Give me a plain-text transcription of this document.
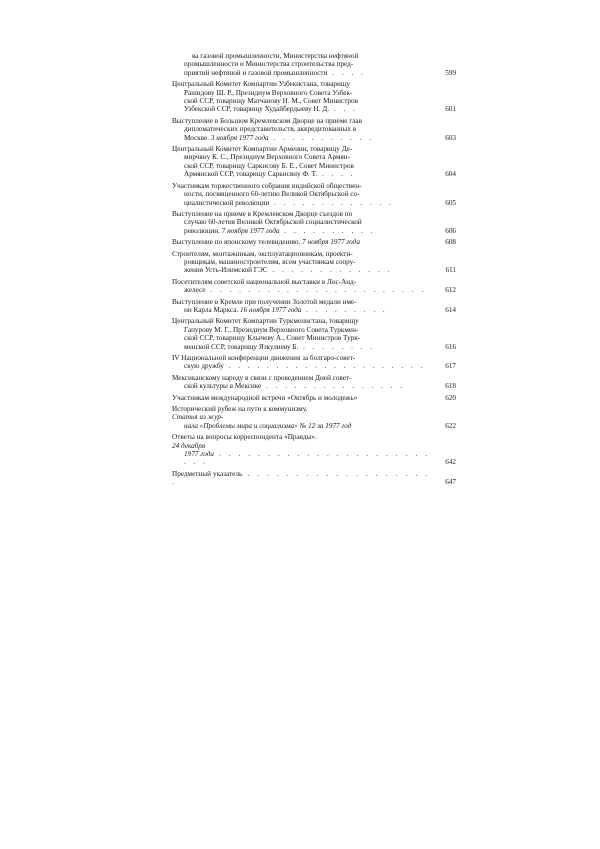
ва газовой промышленности, Министерства нефтяной
промышленности и Министерства строительства пред-
приятий нефтяной и газовой промышленности . . . .	599
Центральный Комитет Компартии Узбекистана, товарищу
Рашидову Ш. Р., Президиум Верховного Совета Узбек-
ской ССР, товарищу Матчанову Н. М., Совет Министров
Узбекской ССР, товарищу Худайбердыеву Н. Д. . . .	601
Выступление в Большом Кремлевском Дворце на приеме глав
дипломатических представительств, аккредитованных в
Москве. 3 ноября 1977 года . . . . . . . . . . .	603
Центральный Комитет Компартии Армении, товарищу Де-
мирчяну К. С., Президиум Верховного Совета Армян-
ской ССР, товарищу Саркисову Б. Е., Совет Министров
Армянской ССР, товарищу Саркисяну Ф. Т. . . . .	604
Участникам торжественного собрания индийской обществен-
ности, посвященного 60-летию Великой Октябрьской со-
циалистической революции . . . . . . . . . . . . .	605
Выступление на приеме в Кремлевском Дворце съездов по
случаю 60-летия Великой Октябрьской социалистической
революции. 7 ноября 1977 года . . . . . . . . . .	606
Выступление по японскому телевидению. 7 ноября 1977 года	608
Строителям, монтажникам, эксплуатационникам, проекти-
ровщикам, машиностроителям, всем участникам соору-
жения Усть-Илимской ГЭС . . . . . . . . . . . . .	611
Посетителям советской национальной выставки в Лос-Анд-
желесе . . . . . . . . . . . . . . . . . . . . . . .	612
Выступление в Кремле при получении Золотой медали име-
ни Карла Маркса. 16 ноября 1977 года . . . . . . . . .	614
Центральный Комитет Компартии Туркменистана, товарищу
Гапурову М. Г., Президиум Верховного Совета Туркмен-
ской ССР, товарищу Клычеву А., Совет Министров Турк-
менской ССР, товарищу Язкулиеву Б. . . . . . . . .	616
IV Национальной конференции движения за болгаро-совет-
скую дружбу . . . . . . . . . . . . . . . . . . . . .	617
Мексиканскому народу в связи с проведением Дней совет-
ской культуры в Мексике . . . . . . . . . . . . . . .	618
Участникам международной встречи «Октябрь и молодежь»	620
Исторический рубеж на пути к коммунизму.
Статья из жур-
нала «Проблемы мира и социализма» № 12 за 1977 год	622
Ответы на вопросы корреспондента «Правды».
24 декабря
1977 года . . . . . . . . . . . . . . . . . . . . . . . . .	642
Предметный указатель . . . . . . . . . . . . . . . . . . . .	647
